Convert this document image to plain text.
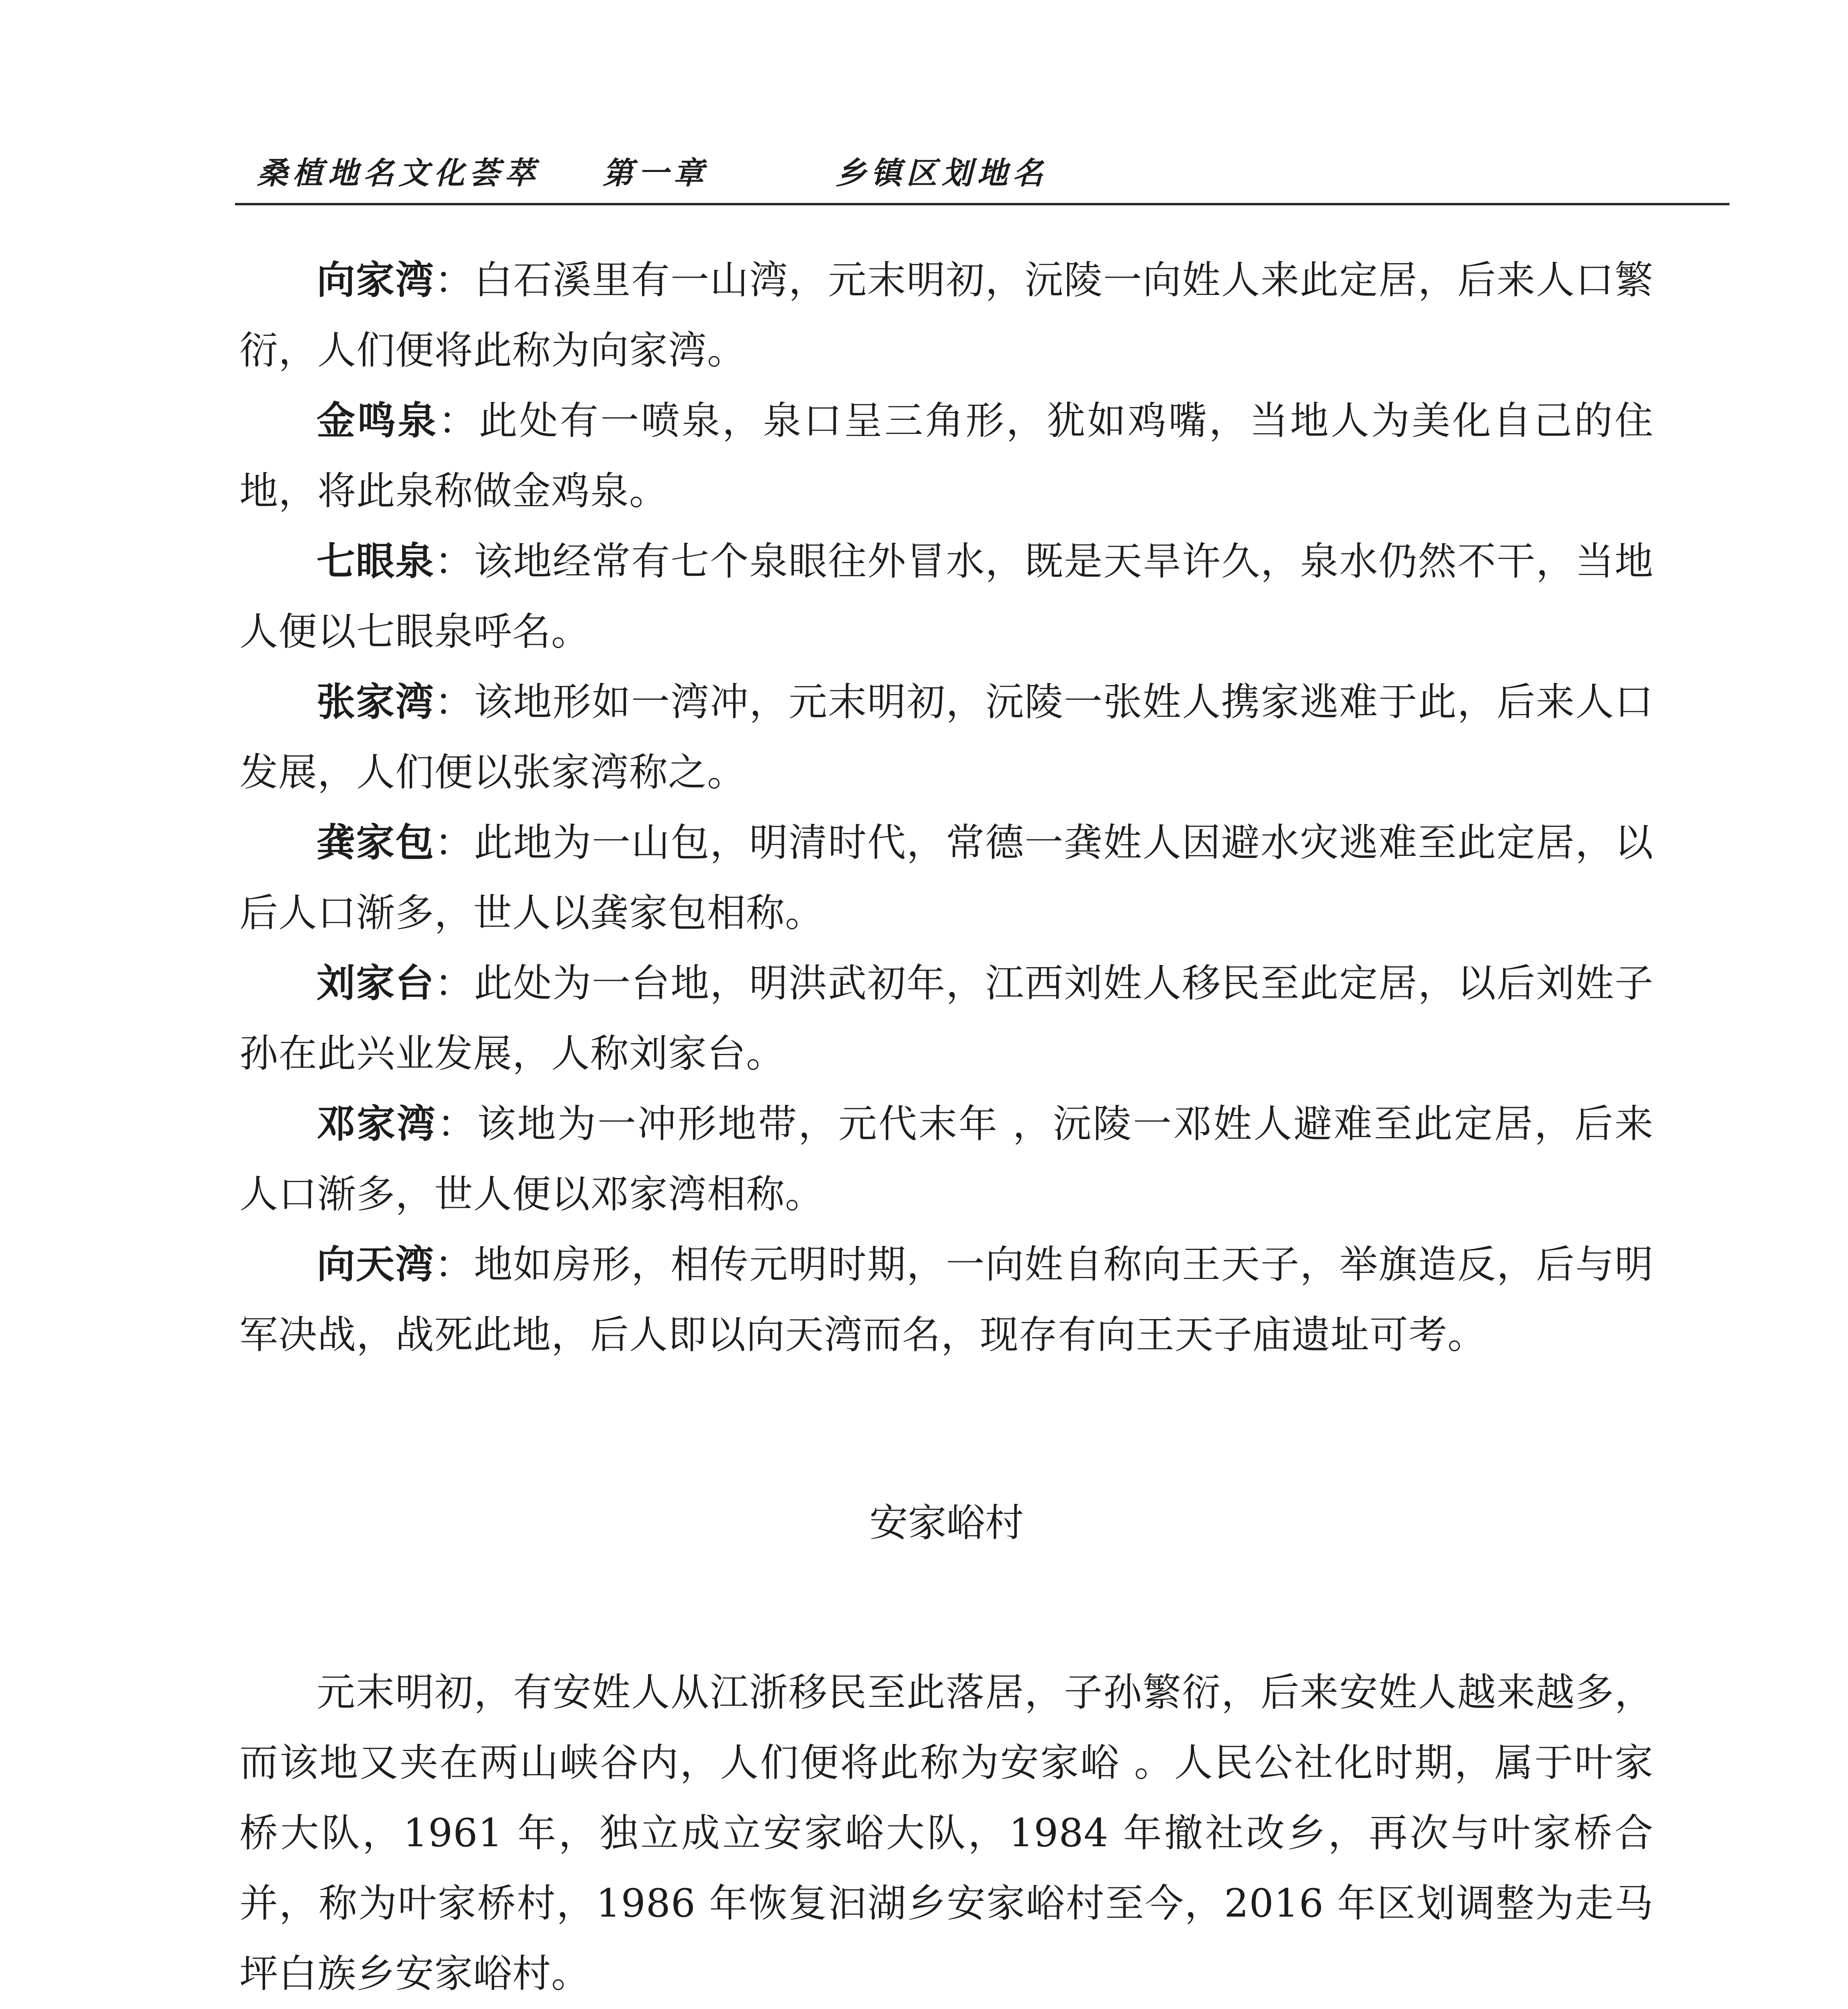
桑植地名文化荟萃 第一章	乡镇区划地名

向家湾：白石溪里有一山湾，元末明初，沅陵一向姓人来此定居，后来人口繁衍，人们便将此称为向家湾。

金鸣泉：此处有一喷泉，泉口呈三角形，犹如鸡嘴，当地人为美化自己的住地，将此泉称做金鸡泉。

七眼泉：该地经常有七个泉眼往外冒水，既是天旱许久，泉水仍然不干，当地人便以七眼泉呼名。

张家湾：该地形如一湾冲，元末明初，沅陵一张姓人携家逃难于此，后来人口发展，人们便以张家湾称之。

龚家包：此地为一山包，明清时代，常德一龚姓人因避水灾逃难至此定居，以后人口渐多，世人以龚家包相称。

刘家台：此处为一台地，明洪武初年，江西刘姓人移民至此定居，以后刘姓子孙在此兴业发展，人称刘家台。

邓家湾：该地为一冲形地带，元代末年 ，沅陵一邓姓人避难至此定居，后来人口渐多，世人便以邓家湾相称。

向天湾：地如房形，相传元明时期，一向姓自称向王天子，举旗造反，后与明军决战，战死此地，后人即以向天湾而名，现存有向王天子庙遗址可考。

安家峪村

元末明初，有安姓人从江浙移民至此落居，子孙繁衍，后来安姓人越来越多，而该地又夹在两山峡谷内，人们便将此称为安家峪 。人民公社化时期，属于叶家桥大队，1961 年，独立成立安家峪大队，1984 年撤社改乡，再次与叶家桥合并，称为叶家桥村，1986 年恢复汩湖乡安家峪村至今，2016 年区划调整为走马坪白族乡安家峪村。
